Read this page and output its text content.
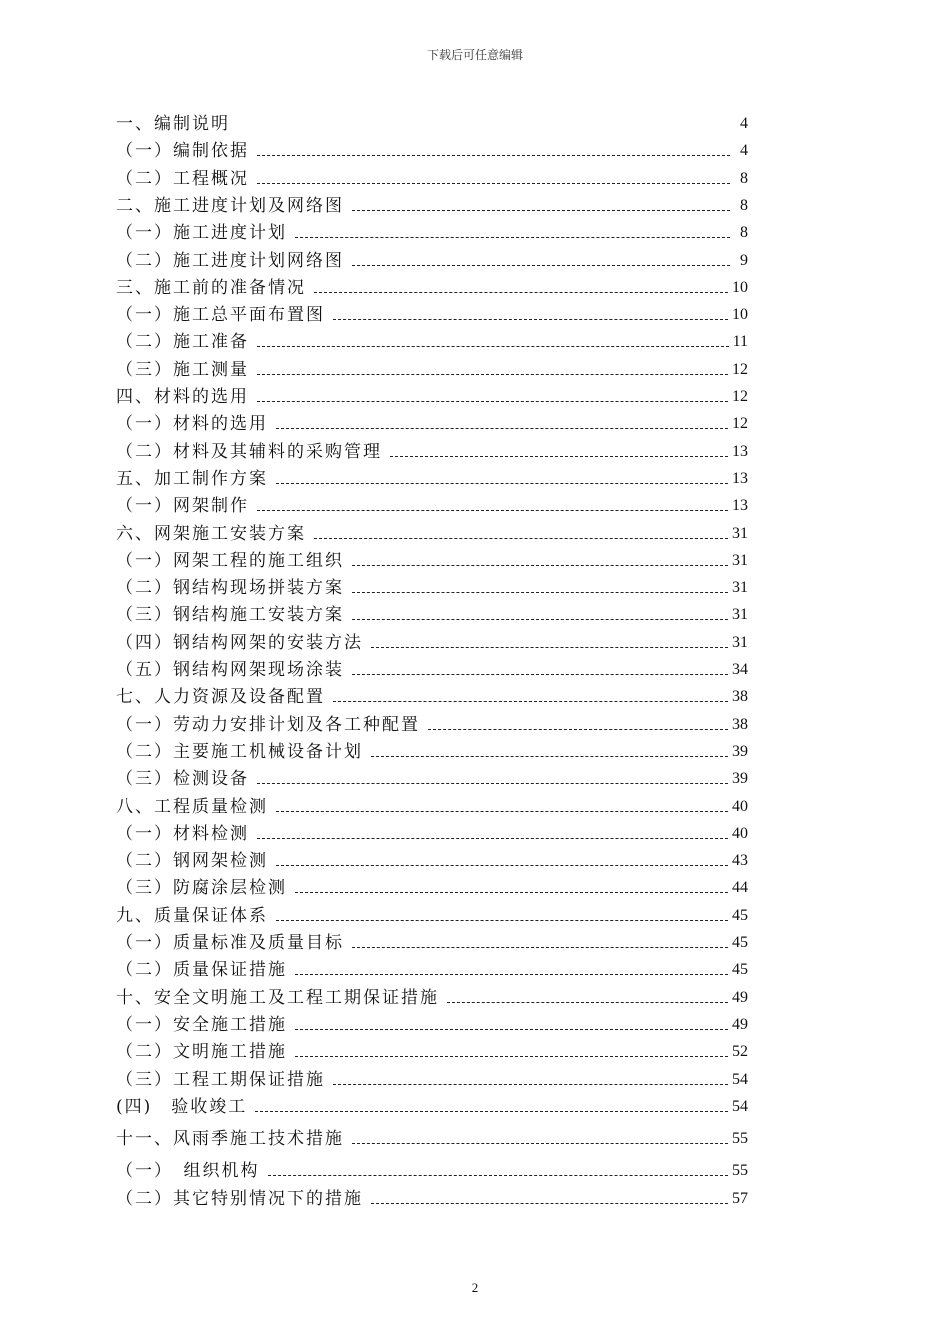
下载后可任意编辑
一、编制说明	4
（一）编制依据	4
（二）工程概况	8
二、施工进度计划及网络图	8
（一）施工进度计划	8
（二）施工进度计划网络图	9
三、施工前的准备情况	10
（一）施工总平面布置图	10
（二）施工准备	11
（三）施工测量	12
四、材料的选用	12
（一）材料的选用	12
（二）材料及其辅料的采购管理	13
五、加工制作方案	13
（一）网架制作	13
六、网架施工安装方案	31
（一）网架工程的施工组织	31
（二）钢结构现场拼装方案	31
（三）钢结构施工安装方案	31
（四）钢结构网架的安装方法	31
（五）钢结构网架现场涂装	34
七、人力资源及设备配置	38
（一）劳动力安排计划及各工种配置	38
（二）主要施工机械设备计划	39
（三）检测设备	39
八、工程质量检测	40
（一）材料检测	40
（二）钢网架检测	43
（三）防腐涂层检测	44
九、质量保证体系	45
（一）质量标准及质量目标	45
（二）质量保证措施	45
十、安全文明施工及工程工期保证措施	49
（一）安全施工措施	49
（二）文明施工措施	52
（三）工程工期保证措施	54
(四)　验收竣工	54
十一、风雨季施工技术措施	55
（一）　组织机构	55
（二）其它特别情况下的措施	57
2
